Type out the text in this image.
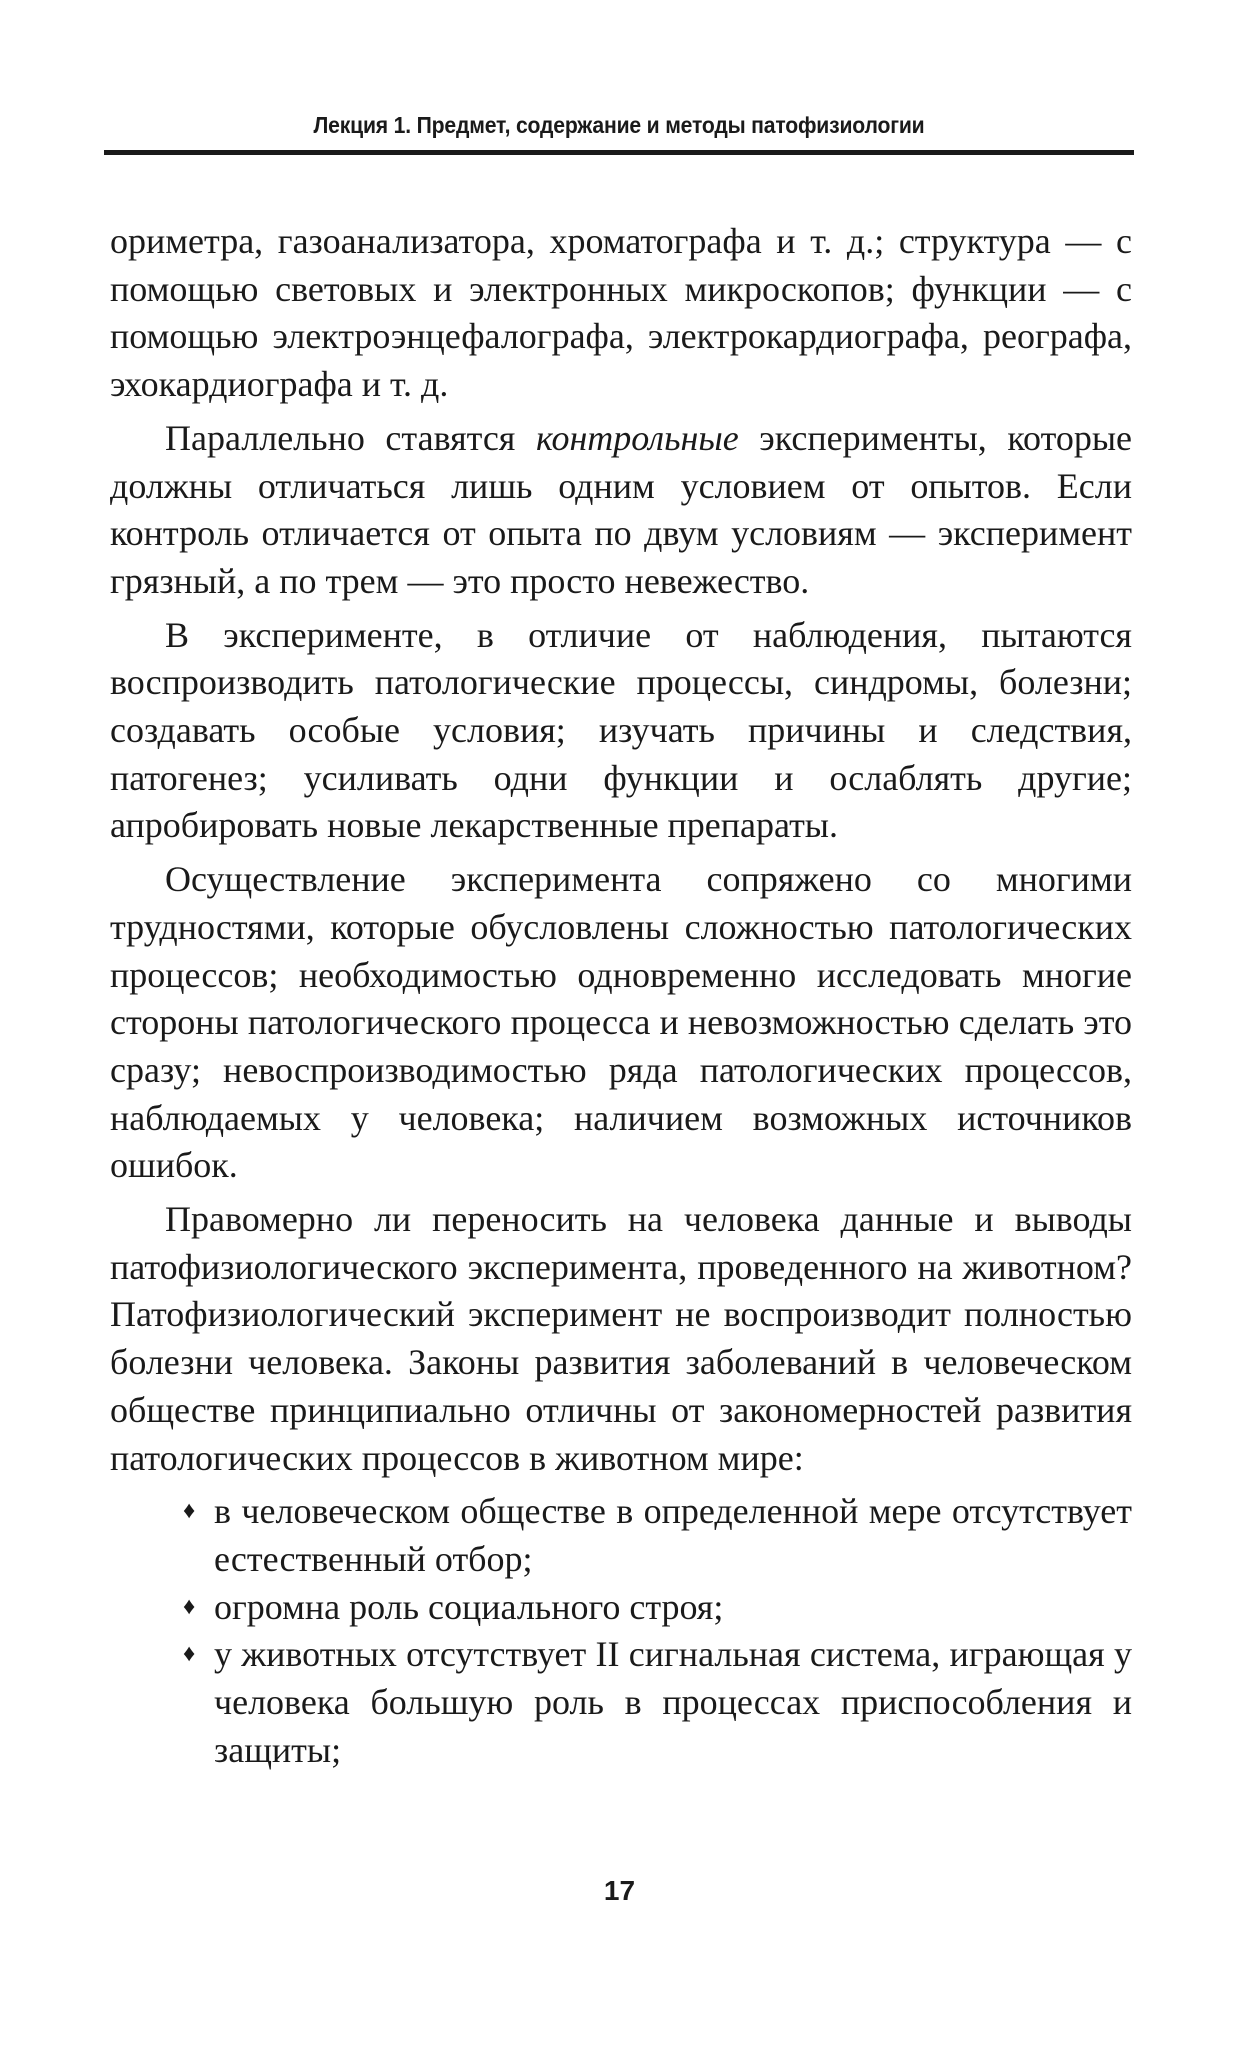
Лекция 1. Предмет, содержание и методы патофизиологии

ориметра, газоанализатора, хроматографа и т. д.; структура — с помощью световых и электронных микроскопов; функции — с помощью электроэнцефалографа, электрокардиографа, реографа, эхокардиографа и т. д.

Параллельно ставятся контрольные эксперименты, которые должны отличаться лишь одним условием от опытов. Если контроль отличается от опыта по двум условиям — эксперимент грязный, а по трем — это просто невежество.

В эксперименте, в отличие от наблюдения, пытаются воспроизводить патологические процессы, синдромы, болезни; создавать особые условия; изучать причины и следствия, патогенез; усиливать одни функции и ослаблять другие; апробировать новые лекарственные препараты.

Осуществление эксперимента сопряжено со многими трудностями, которые обусловлены сложностью патологических процессов; необходимостью одновременно исследовать многие стороны патологического процесса и невозможностью сделать это сразу; невоспроизводимостью ряда патологических процессов, наблюдаемых у человека; наличием возможных источников ошибок.

Правомерно ли переносить на человека данные и выводы патофизиологического эксперимента, проведенного на животном? Патофизиологический эксперимент не воспроизводит полностью болезни человека. Законы развития заболеваний в человеческом обществе принципиально отличны от закономерностей развития патологических процессов в животном мире:

♦ в человеческом обществе в определенной мере отсутствует естественный отбор;
♦ огромна роль социального строя;
♦ у животных отсутствует II сигнальная система, играющая у человека большую роль в процессах приспособления и защиты;
17
